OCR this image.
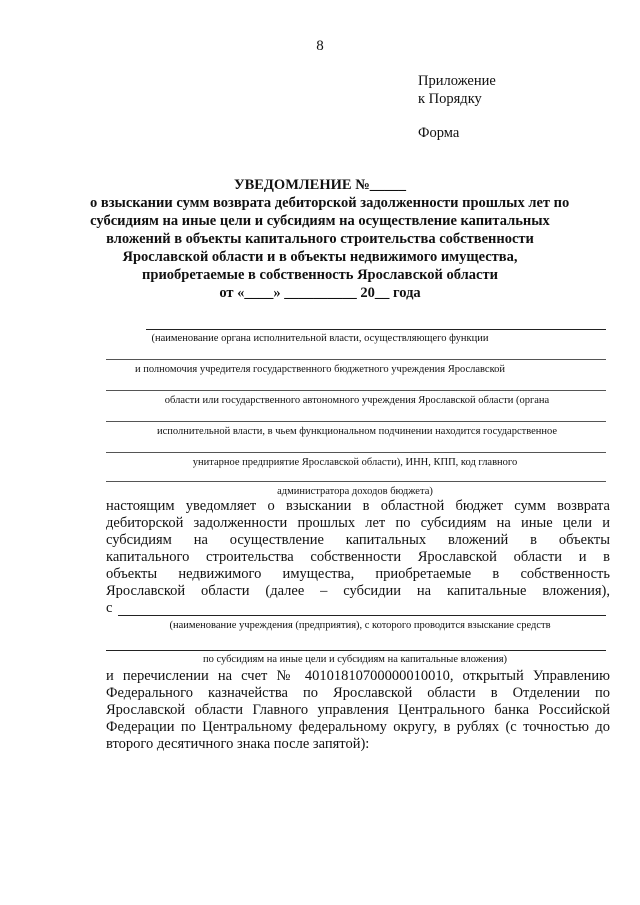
8
Приложение
к Порядку
Форма
УВЕДОМЛЕНИЕ №_____
о взыскании сумм возврата дебиторской задолженности прошлых лет по
субсидиям на иные цели и субсидиям на осуществление капитальных
вложений в объекты капитального строительства собственности
Ярославской области и в объекты недвижимого имущества,
приобретаемые в собственность Ярославской области
от «____» __________ 20__ года
(наименование органа исполнительной власти, осуществляющего функции
и полномочия учредителя государственного бюджетного учреждения Ярославской
области или государственного автономного учреждения Ярославской области (органа
исполнительной власти, в чьем функциональном подчинении находится государственное
унитарное предприятие Ярославской области), ИНН, КПП, код главного
администратора доходов бюджета)
настоящим уведомляет о взыскании в областной бюджет сумм возврата
дебиторской задолженности прошлых лет по субсидиям на иные цели и
субсидиям на осуществление капитальных вложений в объекты
капитального строительства собственности Ярославской области и в
объекты недвижимого имущества, приобретаемые в собственность
Ярославской области (далее – субсидии на капитальные вложения),
с
(наименование учреждения (предприятия), с которого проводится взыскание средств
по субсидиям на иные цели и субсидиям на капитальные вложения)
и перечислении на счет № 40101810700000010010, открытый Управлению
Федерального казначейства по Ярославской области в Отделении по
Ярославской области Главного управления Центрального банка Российской
Федерации по Центральному федеральному округу, в рублях (с точностью до
второго десятичного знака после запятой):
